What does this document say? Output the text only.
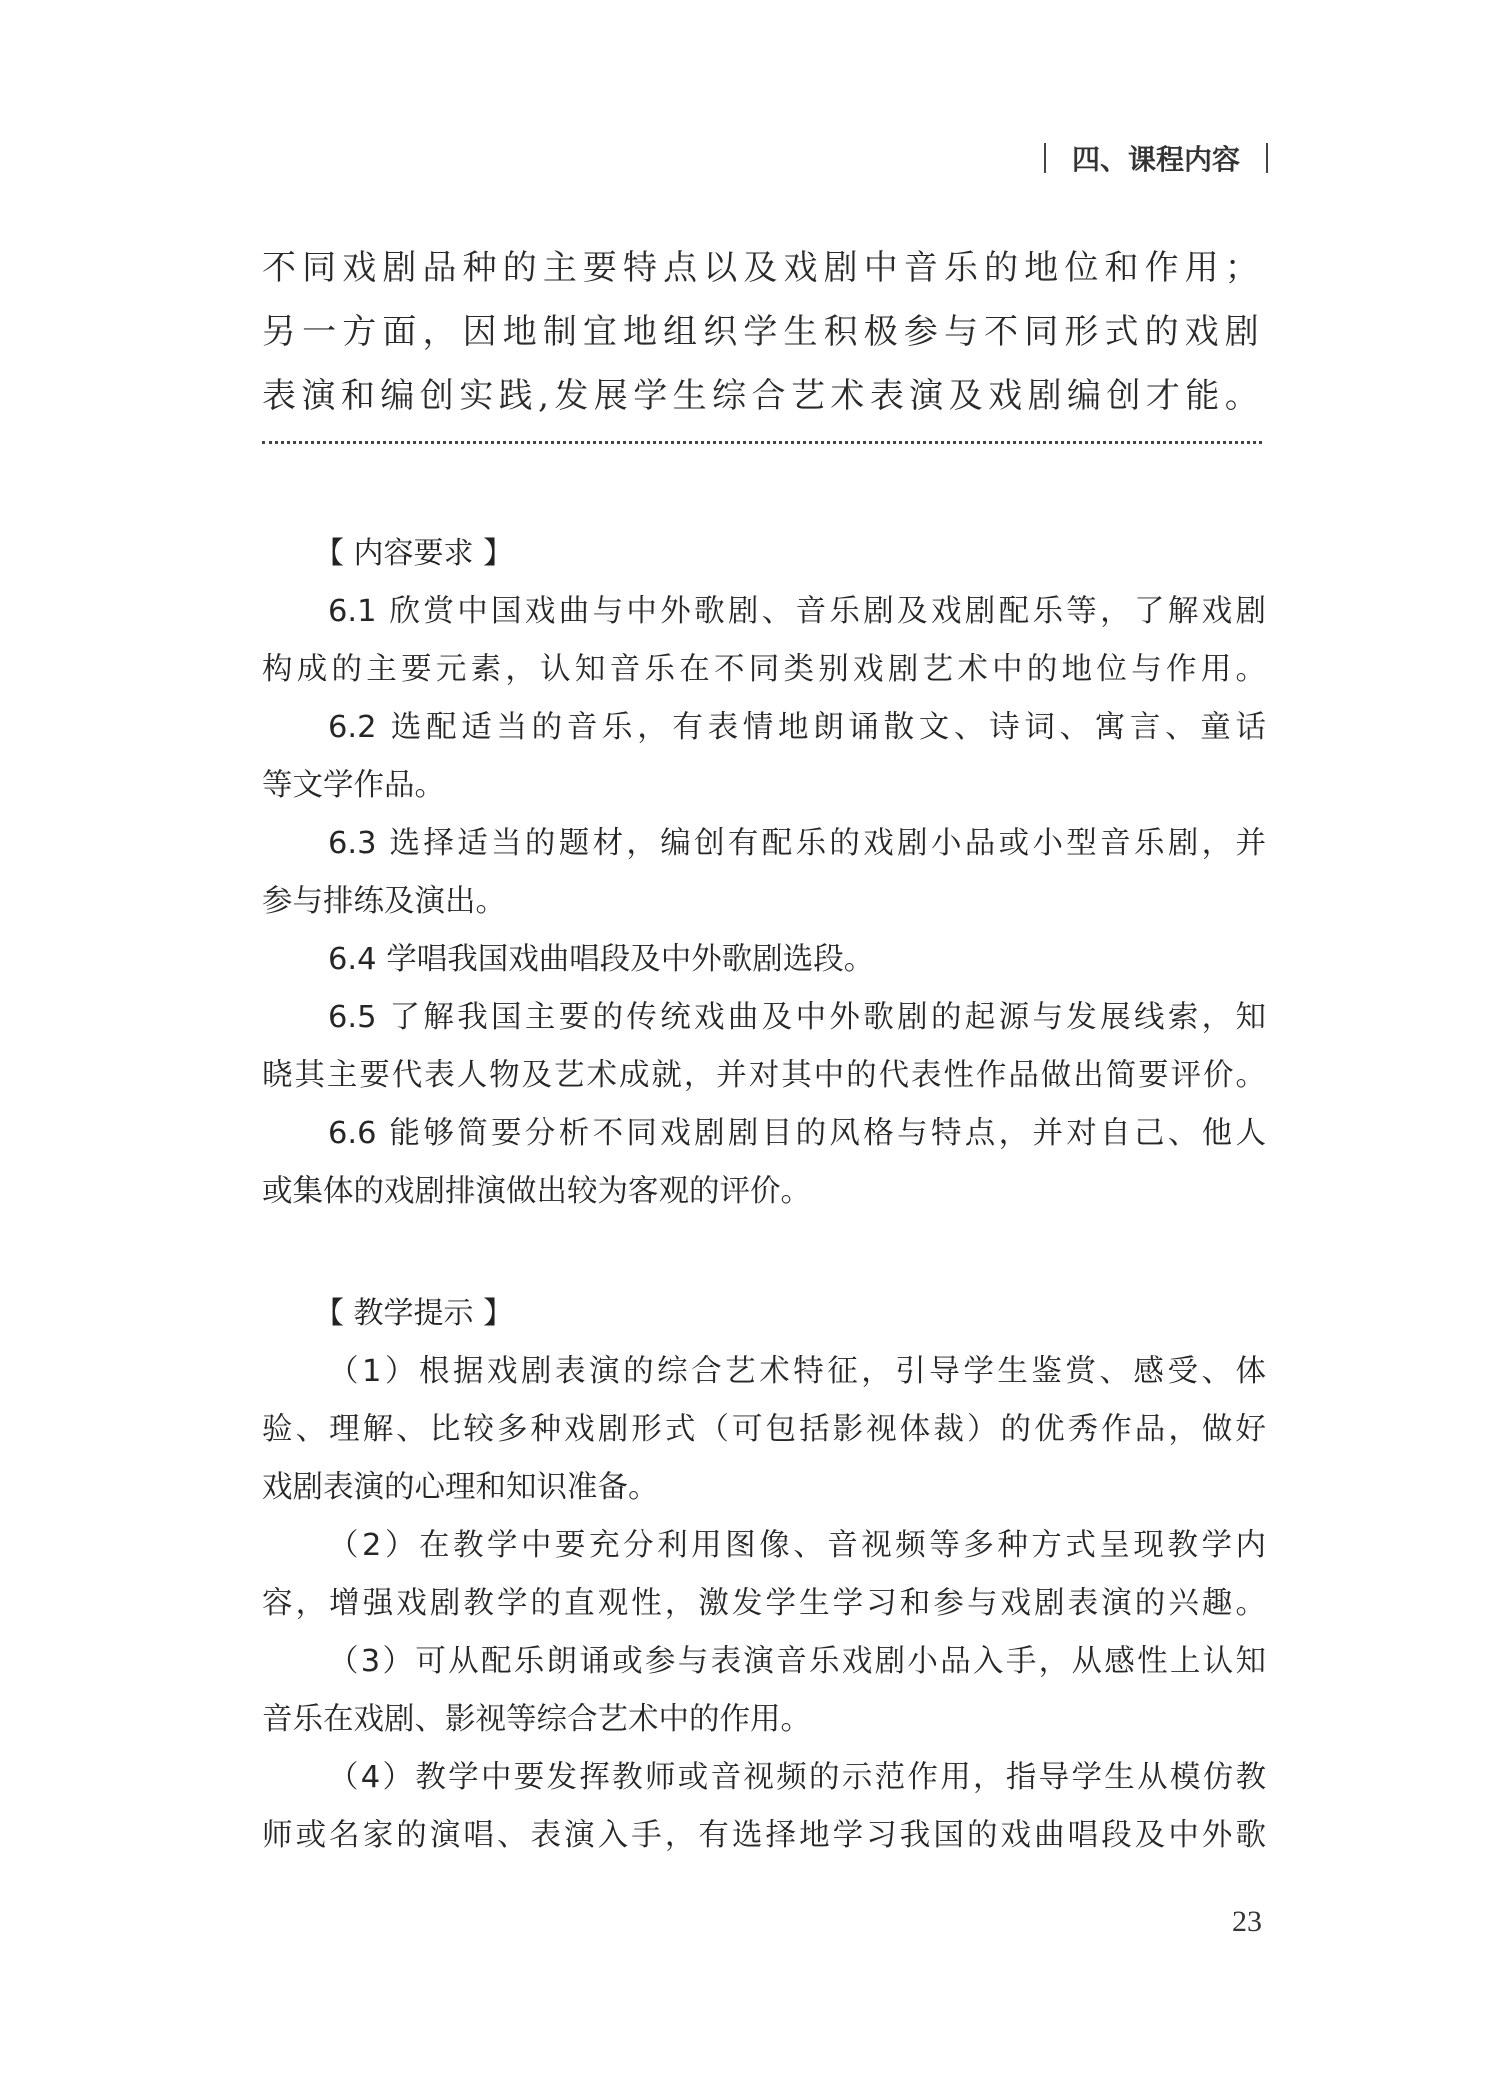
四、课程内容
不同戏剧品种的主要特点以及戏剧中音乐的地位和作用；
另一方面，因地制宜地组织学生积极参与不同形式的戏剧
表演和编创实践,发展学生综合艺术表演及戏剧编创才能。
【 内容要求 】
6.1 欣赏中国戏曲与中外歌剧、音乐剧及戏剧配乐等，了解戏剧
构成的主要元素，认知音乐在不同类别戏剧艺术中的地位与作用。
6.2 选配适当的音乐，有表情地朗诵散文、诗词、寓言、童话
等文学作品。
6.3 选择适当的题材，编创有配乐的戏剧小品或小型音乐剧，并
参与排练及演出。
6.4 学唱我国戏曲唱段及中外歌剧选段。
6.5 了解我国主要的传统戏曲及中外歌剧的起源与发展线索，知
晓其主要代表人物及艺术成就，并对其中的代表性作品做出简要评价。
6.6 能够简要分析不同戏剧剧目的风格与特点，并对自己、他人
或集体的戏剧排演做出较为客观的评价。
【 教学提示 】
（1）根据戏剧表演的综合艺术特征，引导学生鉴赏、感受、体
验、理解、比较多种戏剧形式（可包括影视体裁）的优秀作品，做好
戏剧表演的心理和知识准备。
（2）在教学中要充分利用图像、音视频等多种方式呈现教学内
容，增强戏剧教学的直观性，激发学生学习和参与戏剧表演的兴趣。
（3）可从配乐朗诵或参与表演音乐戏剧小品入手，从感性上认知
音乐在戏剧、影视等综合艺术中的作用。
（4）教学中要发挥教师或音视频的示范作用，指导学生从模仿教
师或名家的演唱、表演入手，有选择地学习我国的戏曲唱段及中外歌
23
